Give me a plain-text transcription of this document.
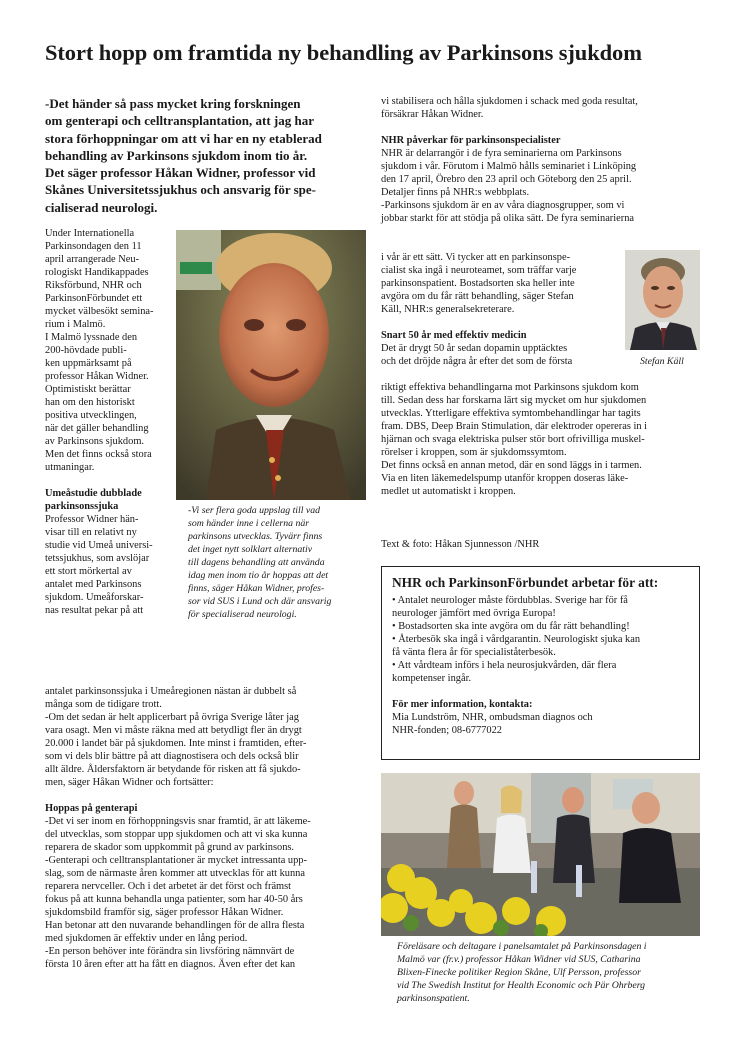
Stort hopp om framtida ny behandling av Parkinsons sjukdom
-Det händer så pass mycket kring forskningen
om genterapi och celltransplantation, att jag har
stora förhoppningar om att vi har en ny etablerad
behandling av Parkinsons sjukdom inom tio år.
Det säger professor Håkan Widner, professor vid
Skånes Universitetssjukhus och ansvarig för spe-
cialiserad neurologi.
Under Internationella
Parkinsondagen den 11
april arrangerade Neu-
rologiskt Handikappades
Riksförbund, NHR och
ParkinsonFörbundet ett
mycket välbesökt semina-
rium i Malmö.
I Malmö lyssnade den
200-hövdade publi-
ken uppmärksamt på
professor Håkan Widner.
Optimistiskt berättar
han om den historiskt
positiva utvecklingen,
när det gäller behandling
av Parkinsons sjukdom.
Men det finns också stora
utmaningar.
Umeåstudie dubblade
parkinsonssjuka
Professor Widner hän-
visar till en relativt ny
studie vid Umeå universi-
tetssjukhus, som avslöjar
ett stort mörkertal av
antalet med Parkinsons
sjukdom. Umeåforskar-
nas resultat pekar på att
-Vi ser flera goda uppslag till vad
som händer inne i cellerna när
parkinsons utvecklas. Tyvärr finns
det inget nytt solklart alternativ
till dagens behandling att använda
idag men inom tio år hoppas att det
finns, säger Håkan Widner, profes-
sor vid SUS i Lund och där ansvarig
för specialiserad neurologi.
antalet parkinsonssjuka i Umeåregionen nästan är dubbelt så
många som de tidigare trott.
-Om det sedan är helt applicerbart på övriga Sverige låter jag
vara osagt. Men vi måste räkna med att betydligt fler än drygt
20.000 i landet bär på sjukdomen. Inte minst i framtiden, efter-
som vi dels blir bättre på att diagnostisera och dels också blir
allt äldre. Åldersfaktorn är betydande för risken att få sjukdo-
men, säger Håkan Widner och fortsätter:
Hoppas på genterapi
-Det vi ser inom en förhoppningsvis snar framtid, är att läkeme-
del utvecklas, som stoppar upp sjukdomen och att vi ska kunna
reparera de skador som uppkommit på grund av parkinsons.
-Genterapi och celltransplantationer är mycket intressanta upp-
slag, som de närmaste åren kommer att utvecklas för att kunna
reparera nervceller. Och i det arbetet är det först och främst
fokus på att kunna behandla unga patienter, som har 40-50 års
sjukdomsbild framför sig, säger professor Håkan Widner.
Han betonar att den nuvarande behandlingen för de allra flesta
med sjukdomen är effektiv under en lång period.
-En person behöver inte förändra sin livsföring nämnvärt de
första 10 åren efter att ha fått en diagnos. Även efter det kan
vi stabilisera och hålla sjukdomen i schack med goda resultat,
försäkrar Håkan Widner.
NHR påverkar för parkinsonspecialister
NHR är delarrangör i de fyra seminarierna om Parkinsons
sjukdom i vår. Förutom i Malmö hålls seminariet i Linköping
den 17 april, Örebro den 23 april och Göteborg den 25 april.
Detaljer finns på NHR:s webbplats.
-Parkinsons sjukdom är en av våra diagnosgrupper, som vi
jobbar starkt för att stödja på olika sätt. De fyra seminarierna
i vår är ett sätt. Vi tycker att en parkinsonspe-
cialist ska ingå i neuroteamet, som träffar varje
parkinsonspatient. Bostadsorten ska heller inte
avgöra om du får rätt behandling, säger Stefan
Käll, NHR:s generalsekreterare.
Snart 50 år med effektiv medicin
Det är drygt 50 år sedan dopamin upptäcktes
och det dröjde några år efter det som de första	Stefan Käll
riktigt effektiva behandlingarna mot Parkinsons sjukdom kom
till. Sedan dess har forskarna lärt sig mycket om hur sjukdomen
utvecklas. Ytterligare effektiva symtombehandlingar har tagits
fram. DBS, Deep Brain Stimulation, där elektroder opereras in i
hjärnan och svaga elektriska pulser stör bort ofrivilliga muskel-
rörelser i kroppen, som är sjukdomssymtom.
Det finns också en annan metod, där en sond läggs in i tarmen.
Via en liten läkemedelspump utanför kroppen doseras läke-
medlet ut automatiskt i kroppen.
Text & foto: Håkan Sjunnesson /NHR
NHR och ParkinsonFörbundet arbetar för att:
• Antalet neurologer måste fördubblas. Sverige har för få
neurologer jämfört med övriga Europa!
• Bostadsorten ska inte avgöra om du får rätt behandling!
• Återbesök ska ingå i vårdgarantin. Neurologiskt sjuka kan
få vänta flera år för specialiståterbesök.
• Att vårdteam införs i hela neurosjukvården, där flera
kompetenser ingår.
För mer information, kontakta:
Mia Lundström, NHR, ombudsman diagnos och
NHR-fonden; 08-6777022
Föreläsare och deltagare i panelsamtalet på Parkinsonsdagen i
Malmö var (fr.v.) professor Håkan Widner vid SUS, Catharina
Blixen-Finecke politiker Region Skåne, Ulf Persson, professor
vid The Swedish Institut for Health Economic och Pär Ohrberg
parkinsonspatient.
